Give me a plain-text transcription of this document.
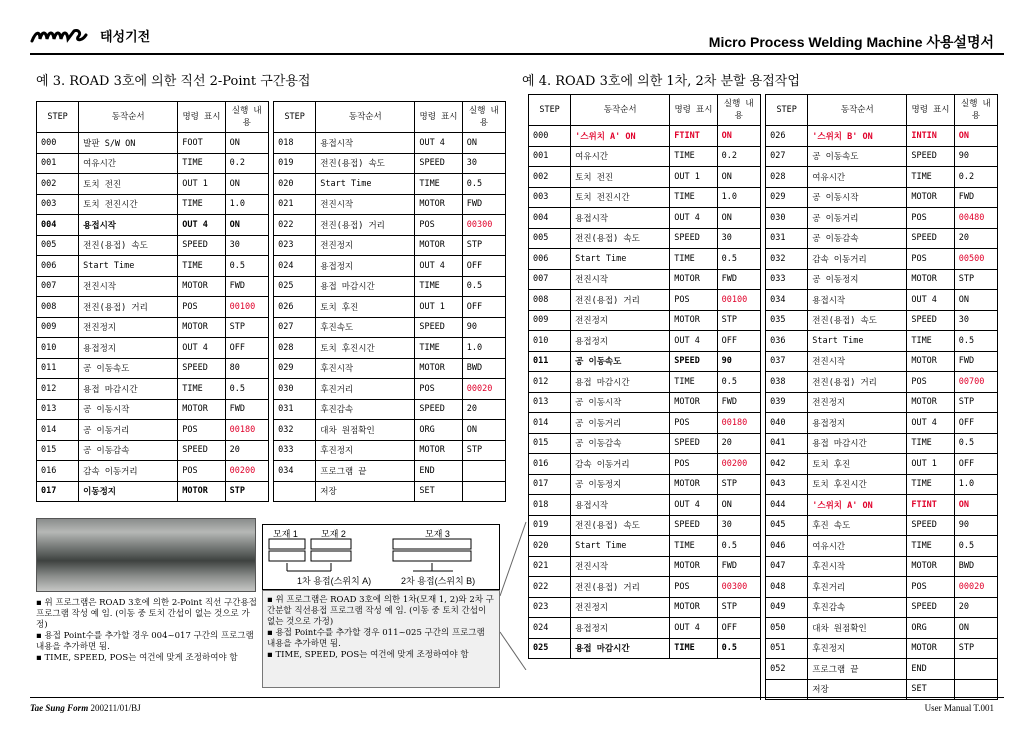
태성기전	Micro Process Welding Machine 사용설명서
예 3. ROAD 3호에 의한 직선 2-Point 구간용접	예 4. ROAD 3호에 의한 1차, 2차 분할 용접작업
STEP	동작순서	명령 표시	실행 내용		STEP	동작순서	명령 표시	실행 내용
000	발판 S/W ON	FOOT	ON		018	용접시작	OUT 4	ON
001	여유시간	TIME	0.2		019	전진(용접) 속도	SPEED	30
002	토치 전진	OUT 1	ON		020	Start Time	TIME	0.5
003	토치 전진시간	TIME	1.0		021	전진시작	MOTOR	FWD
004	용접시작	OUT 4	ON		022	전진(용접) 거리	POS	00300
005	전진(용접) 속도	SPEED	30		023	전진정지	MOTOR	STP
006	Start Time	TIME	0.5		024	용접정지	OUT 4	OFF
007	전진시작	MOTOR	FWD		025	용접 마감시간	TIME	0.5
008	전진(용접) 거리	POS	00100		026	토치 후진	OUT 1	OFF
009	전진정지	MOTOR	STP		027	후진속도	SPEED	90
010	용접정지	OUT 4	OFF		028	토치 후진시간	TIME	1.0
011	공 이동속도	SPEED	80		029	후진시작	MOTOR	BWD
012	용접 마감시간	TIME	0.5		030	후진거리	POS	00020
013	공 이동시작	MOTOR	FWD		031	후진감속	SPEED	20
014	공 이동거리	POS	00180		032	대차 원점확인	ORG	ON
015	공 이동감속	SPEED	20		033	후진정지	MOTOR	STP
016	감속 이동거리	POS	00200		034	프로그램 끝	END	
017	이동정지	MOTOR	STP			저장	SET	
STEP	동작순서	명령 표시	실행 내용		STEP	동작순서	명령 표시	실행 내용
000	'스위치 A' ON	FTINT	ON		026	'스위치 B' ON	INTIN	ON
001	여유시간	TIME	0.2		027	공 이동속도	SPEED	90
002	토치 전진	OUT 1	ON		028	여유시간	TIME	0.2
003	토치 전진시간	TIME	1.0		029	공 이동시작	MOTOR	FWD
004	용접시작	OUT 4	ON		030	공 이동거리	POS	00480
005	전진(용접) 속도	SPEED	30		031	공 이동감속	SPEED	20
006	Start Time	TIME	0.5		032	감속 이동거리	POS	00500
007	전진시작	MOTOR	FWD		033	공 이동정지	MOTOR	STP
008	전진(용접) 거리	POS	00100		034	용접시작	OUT 4	ON
009	전진정지	MOTOR	STP		035	전진(용접) 속도	SPEED	30
010	용접정지	OUT 4	OFF		036	Start Time	TIME	0.5
011	공 이동속도	SPEED	90		037	전진시작	MOTOR	FWD
012	용접 마감시간	TIME	0.5		038	전진(용접) 거리	POS	00700
013	공 이동시작	MOTOR	FWD		039	전진정지	MOTOR	STP
014	공 이동거리	POS	00180		040	용접정지	OUT 4	OFF
015	공 이동감속	SPEED	20		041	용접 마감시간	TIME	0.5
016	감속 이동거리	POS	00200		042	토치 후진	OUT 1	OFF
017	공 이동정지	MOTOR	STP		043	토치 후진시간	TIME	1.0
018	용접시작	OUT 4	ON		044	'스위치 A' ON	FTINT	ON
019	전진(용접) 속도	SPEED	30		045	후진 속도	SPEED	90
020	Start Time	TIME	0.5		046	여유시간	TIME	0.5
021	전진시작	MOTOR	FWD		047	후진시작	MOTOR	BWD
022	전진(용접) 거리	POS	00300		048	후진거리	POS	00020
023	전진정지	MOTOR	STP		049	후진감속	SPEED	20
024	용접정지	OUT 4	OFF		050	대차 원점확인	ORG	ON
025	용접 마감시간	TIME	0.5		051	후진정지	MOTOR	STP
					052	프로그램 끝	END	
						저장	SET	
모재 1	모재 2	모재 3
1차 용접(스위치 A)	2차 용접(스위치 B)
▪ 위 프로그램은 ROAD 3호에 의한 2-Point 직선 구간용접 프로그램 작성 예 임. (이동 중 토치 간섭이 없는 것으로 가정)
▪ 용접 Point수를 추가할 경우 004~017 구간의 프로그램 내용을 추가하면 됨.
▪ TIME, SPEED, POS는 여건에 맞게 조정하여야 함
▪ 위 프로그램은 ROAD 3호에 의한 1차(모재 1, 2)와 2차 구간분할 직선용접 프로그램 작성 예 임. (이동 중 토치 간섭이 없는 것으로 가정)
▪ 용접 Point수를 추가할 경우 011~025 구간의 프로그램 내용을 추가하면 됨.
▪ TIME, SPEED, POS는 여건에 맞게 조정하여야 함
Tae Sung Form 200211/01/BJ	User Manual T.001
